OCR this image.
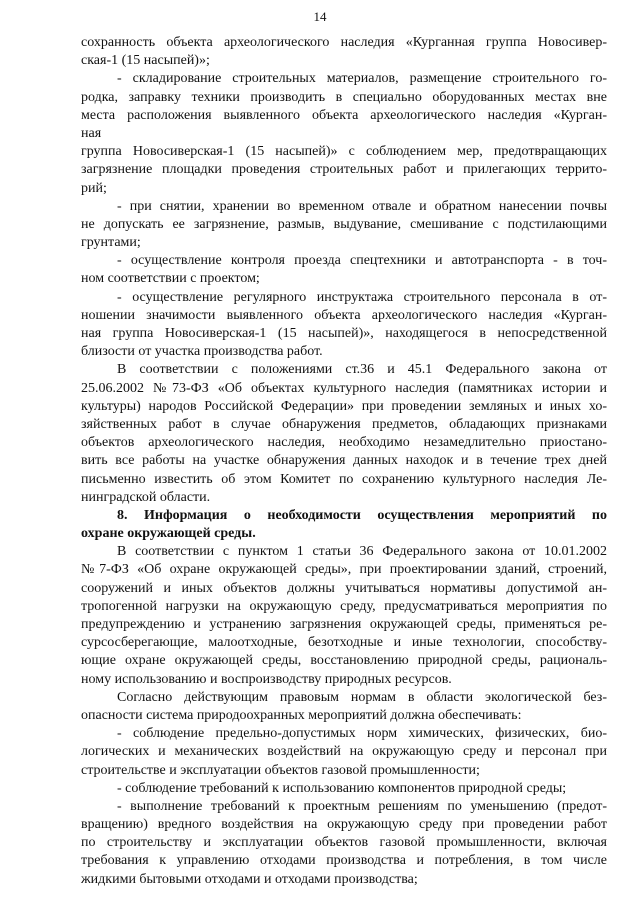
14
сохранность объекта археологического наследия «Курганная группа Новосивер-
ская-1 (15 насыпей)»;
- складирование строительных материалов, размещение строительного го-
родка, заправку техники производить в специально оборудованных местах вне
места расположения выявленного объекта археологического наследия «Курган-
ная
группа Новосиверская-1 (15 насыпей)» с соблюдением мер, предотвращающих
загрязнение площадки проведения строительных работ и прилегающих террито-
рий;
- при снятии, хранении во временном отвале и обратном нанесении почвы
не допускать ее загрязнение, размыв, выдувание, смешивание с подстилающими
грунтами;
- осуществление контроля проезда спецтехники и автотранспорта - в точ-
ном соответствии с проектом;
- осуществление регулярного инструктажа строительного персонала в от-
ношении значимости выявленного объекта археологического наследия «Курган-
ная группа Новосиверская-1 (15 насыпей)», находящегося в непосредственной
близости от участка производства работ.
В соответствии с положениями ст.36 и 45.1 Федерального закона от
25.06.2002 №73-ФЗ «Об объектах культурного наследия (памятниках истории и
культуры) народов Российской Федерации» при проведении земляных и иных хо-
зяйственных работ в случае обнаружения предметов, обладающих признаками
объектов археологического наследия, необходимо незамедлительно приостано-
вить все работы на участке обнаружения данных находок и в течение трех дней
письменно известить об этом Комитет по сохранению культурного наследия Ле-
нинградской области.
8. Информация о необходимости осуществления мероприятий по
охране окружающей среды.
В соответствии с пунктом 1 статьи 36 Федерального закона от 10.01.2002
№7-ФЗ «Об охране окружающей среды», при проектировании зданий, строений,
сооружений и иных объектов должны учитываться нормативы допустимой ан-
тропогенной нагрузки на окружающую среду, предусматриваться мероприятия по
предупреждению и устранению загрязнения окружающей среды, применяться ре-
сурсосберегающие, малоотходные, безотходные и иные технологии, способству-
ющие охране окружающей среды, восстановлению природной среды, рациональ-
ному использованию и воспроизводству природных ресурсов.
Согласно действующим правовым нормам в области экологической без-
опасности система природоохранных мероприятий должна обеспечивать:
- соблюдение предельно-допустимых норм химических, физических, био-
логических и механических воздействий на окружающую среду и персонал при
строительстве и эксплуатации объектов газовой промышленности;
- соблюдение требований к использованию компонентов природной среды;
- выполнение требований к проектным решениям по уменьшению (предот-
вращению) вредного воздействия на окружающую среду при проведении работ
по строительству и эксплуатации объектов газовой промышленности, включая
требования к управлению отходами производства и потребления, в том числе
жидкими бытовыми отходами и отходами производства;
